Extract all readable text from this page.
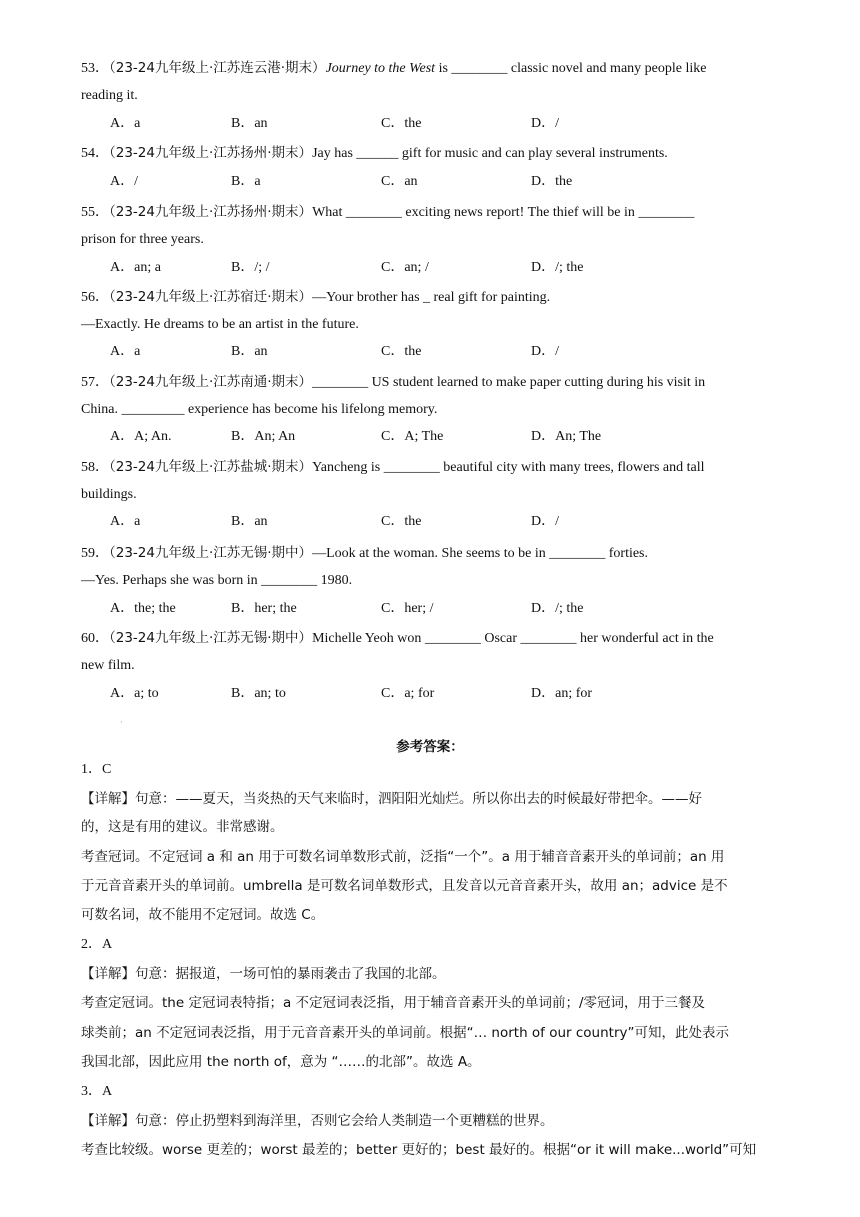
53．（23-24九年级上·江苏连云港·期末）Journey to the West is ________ classic novel and many people like
reading it.
A．a	B．an	C．the	D．/
54．（23-24九年级上·江苏扬州·期末）Jay has ______ gift for music and can play several instruments.
A．/	B．a	C．an	D．the
55．（23-24九年级上·江苏扬州·期末）What ________ exciting news report! The thief will be in ________
prison for three years.
A．an; a	B．/; /	C．an; /	D．/; the
56．（23-24九年级上·江苏宿迁·期末）—Your brother has _ real gift for painting.
—Exactly. He dreams to be an artist in the future.
A．a	B．an	C．the	D．/
57．（23-24九年级上·江苏南通·期末）________ US student learned to make paper cutting during his visit in
China. _________ experience has become his lifelong memory.
A．A; An.	B．An; An	C．A; The	D．An; The
58．（23-24九年级上·江苏盐城·期末）Yancheng is ________ beautiful city with many trees, flowers and tall
buildings.
A．a	B．an	C．the	D．/
59．（23-24九年级上·江苏无锡·期中）—Look at the woman. She seems to be in ________ forties.
—Yes. Perhaps she was born in ________ 1980.
A．the; the	B．her; the	C．her; /	D．/; the
60．（23-24九年级上·江苏无锡·期中）Michelle Yeoh won ________ Oscar ________ her wonderful act in the
new film.
A．a; to	B．an; to	C．a; for	D．an; for
·
参考答案：
1．C
【详解】句意：——夏天，当炎热的天气来临时，泗阳阳光灿烂。所以你出去的时候最好带把伞。——好
的，这是有用的建议。非常感谢。
考查冠词。不定冠词 a 和 an 用于可数名词单数形式前，泛指“一个”。a 用于辅音音素开头的单词前；an 用
于元音音素开头的单词前。umbrella 是可数名词单数形式，且发音以元音音素开头，故用 an；advice 是不
可数名词，故不能用不定冠词。故选 C。
2．A
【详解】句意：据报道，一场可怕的暴雨袭击了我国的北部。
考查定冠词。the 定冠词表特指；a 不定冠词表泛指，用于辅音音素开头的单词前；/零冠词，用于三餐及
球类前；an 不定冠词表泛指，用于元音音素开头的单词前。根据“… north of our country”可知，此处表示
我国北部，因此应用 the north of，意为 “……的北部”。故选 A。
3．A
【详解】句意：停止扔塑料到海洋里，否则它会给人类制造一个更糟糕的世界。
考查比较级。worse 更差的；worst 最差的；better 更好的；best 最好的。根据“or it will make...world”可知
